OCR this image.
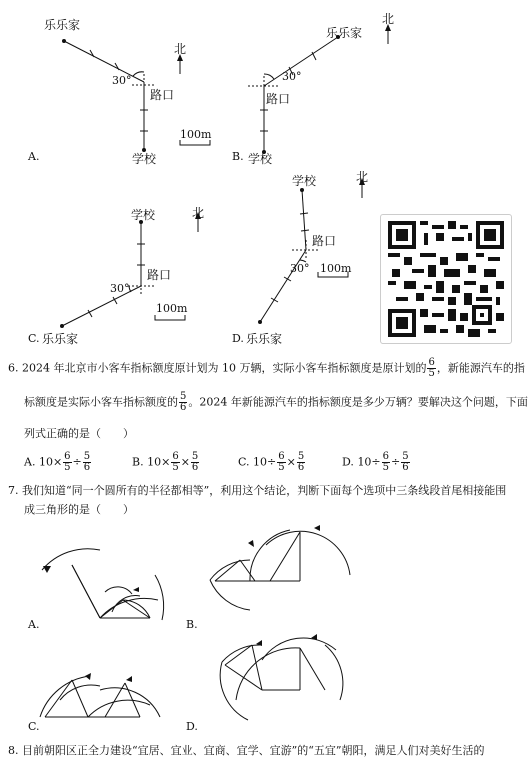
乐乐家
北
30°
路口
100m
学校
A.
北
乐乐家
30°
路口
学校
B.
学校	北
路口
30°
100m
C. 乐乐家
学校	北
路口
30° 100m
D. 乐乐家
6. 2024 年北京市小客车指标额度原计划为 10 万辆，实际小客车指标额度是原计划的 $\frac{6}{5}$ ，新能源汽车的指
标额度是实际小客车指标额度的 $\frac{5}{6}$ 。2024 年新能源汽车的指标额度是多少万辆？要解决这个问题，下面
列式正确的是（　　）
A. $10\times \frac{6}{5} \div \frac{5}{6}$	B. $10\times \frac{6}{5} \times \frac{5}{6}$	C. $10\div \frac{6}{5} \times \frac{5}{6}$	D. $10\div \frac{6}{5} \div \frac{5}{6}$
7. 我们知道“同一个圆所有的半径都相等”，利用这个结论，判断下面每个选项中三条线段首尾相接能围
成三角形的是（　　）
A.	B.
C.	D.
8. 目前朝阳区正全力建设“宜居、宜业、宜商、宜学、宜游”的“五宜”朝阳，满足人们对美好生活的
